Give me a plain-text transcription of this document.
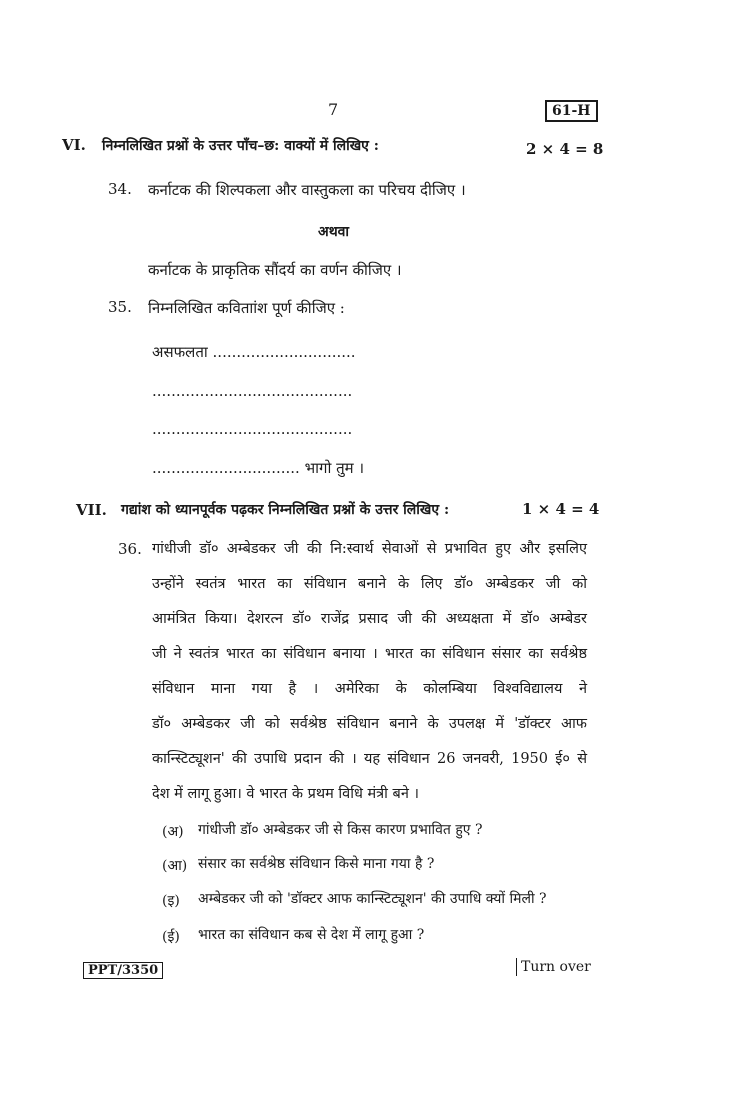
7	61-H
VI. निम्नलिखित प्रश्नों के उत्तर पाँच–छ: वाक्यों में लिखिए :	2 × 4 = 8
34. कर्नाटक की शिल्पकला और वास्तुकला का परिचय दीजिए ।
अथवा
कर्नाटक के प्राकृतिक सौंदर्य का वर्णन कीजिए ।
35. निम्नलिखित कविताांश पूर्ण कीजिए :
असफलता ..............................
..........................................
..........................................
............................... भागो तुम ।
VII. गद्यांश को ध्यानपूर्वक पढ़कर निम्नलिखित प्रश्नों के उत्तर लिखिए :	1 × 4 = 4
36. गांधीजी डॉ० अम्बेडकर जी की नि:स्वार्थ सेवाओं से प्रभावित हुए और इसलिए
उन्होंने स्वतंत्र भारत का संविधान बनाने के लिए डॉ० अम्बेडकर जी को
आमंत्रित किया। देशरत्न डॉ० राजेंद्र प्रसाद जी की अध्यक्षता में डॉ० अम्बेडर
जी ने स्वतंत्र भारत का संविधान बनाया । भारत का संविधान संसार का सर्वश्रेष्ठ
संविधान माना गया है । अमेरिका के कोलम्बिया विश्वविद्यालय ने
डॉ० अम्बेडकर जी को सर्वश्रेष्ठ संविधान बनाने के उपलक्ष में 'डॉक्टर आफ
कान्स्टिट्यूशन' की उपाधि प्रदान की । यह संविधान 26 जनवरी, 1950 ई० से
देश में लागू हुआ। वे भारत के प्रथम विधि मंत्री बने ।
(अ) गांधीजी डॉ० अम्बेडकर जी से किस कारण प्रभावित हुए ?
(आ) संसार का सर्वश्रेष्ठ संविधान किसे माना गया है ?
(इ) अम्बेडकर जी को 'डॉक्टर आफ कान्स्टिट्यूशन' की उपाधि क्यों मिली ?
(ई) भारत का संविधान कब से देश में लागू हुआ ?
PPT/3350	Turn over
